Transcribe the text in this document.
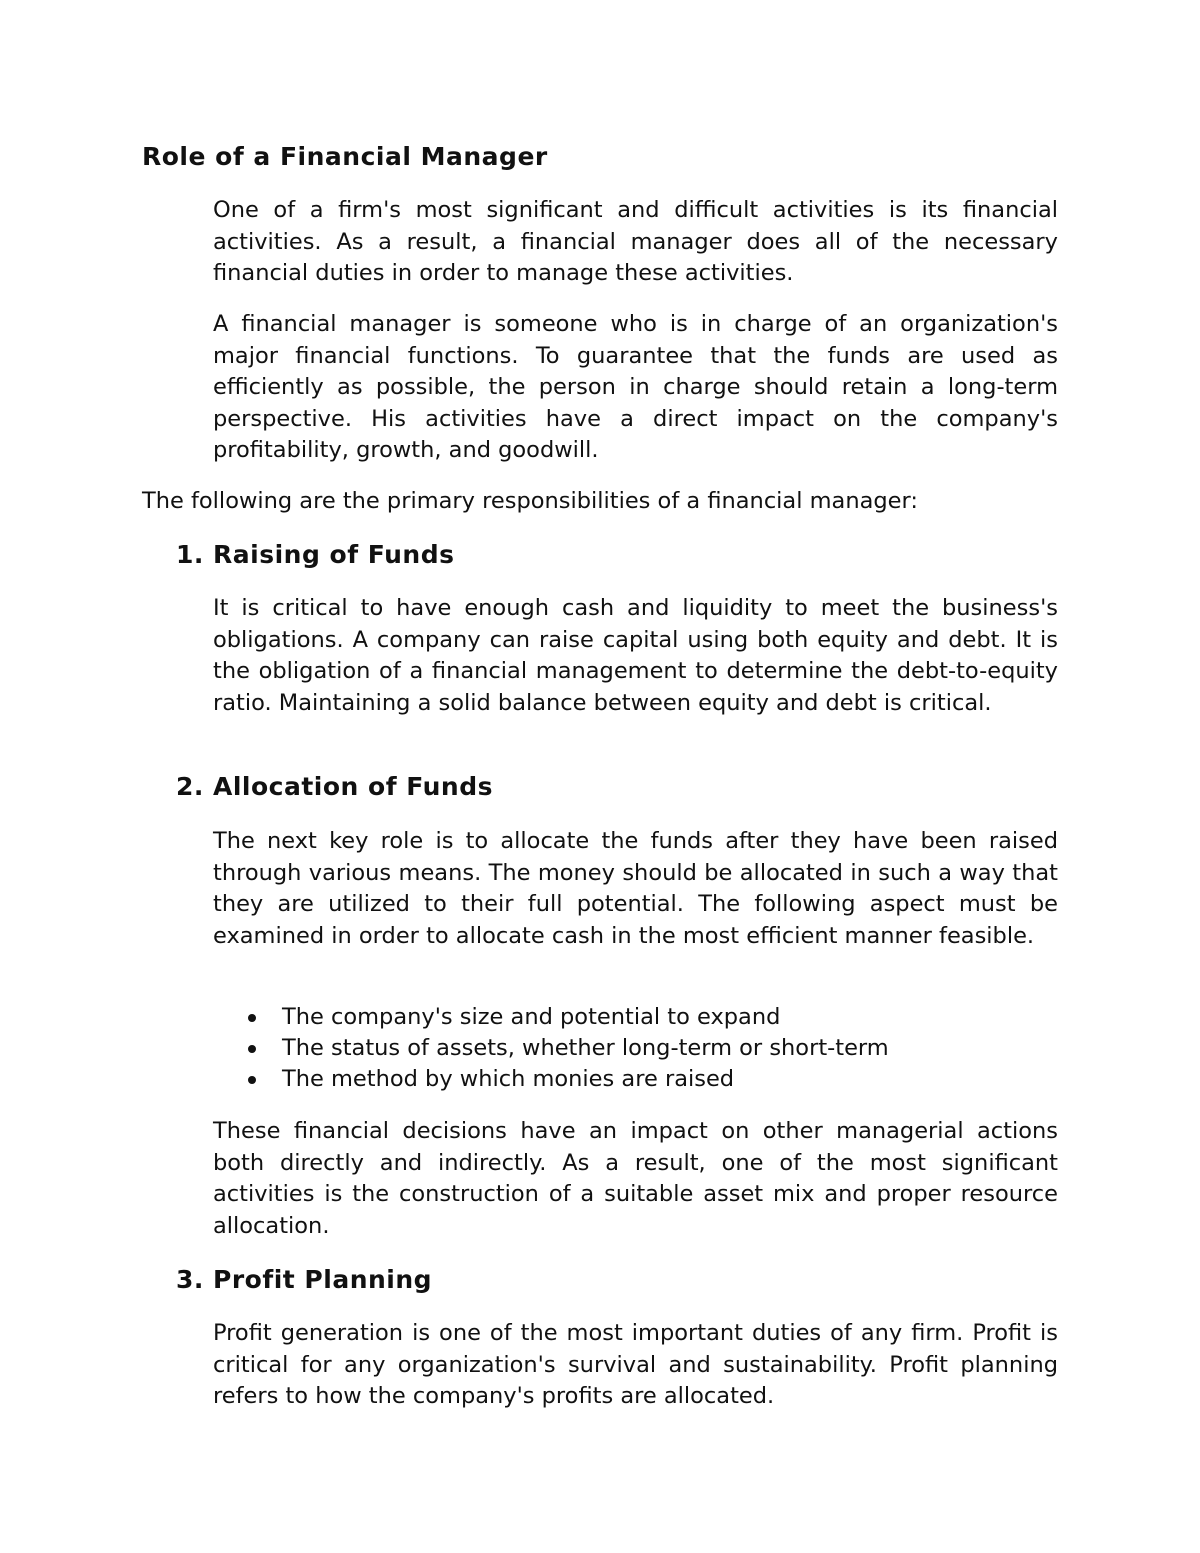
Role of a Financial Manager

One of a firm's most significant and difficult activities is its financial activities. As a result, a financial manager does all of the necessary financial duties in order to manage these activities.

A financial manager is someone who is in charge of an organization's major financial functions. To guarantee that the funds are used as efficiently as possible, the person in charge should retain a long-term perspective. His activities have a direct impact on the company's profitability, growth, and goodwill.

The following are the primary responsibilities of a financial manager:

1. Raising of Funds

It is critical to have enough cash and liquidity to meet the business's obligations. A company can raise capital using both equity and debt. It is the obligation of a financial management to determine the debt-to-equity ratio. Maintaining a solid balance between equity and debt is critical.

2. Allocation of Funds

The next key role is to allocate the funds after they have been raised through various means. The money should be allocated in such a way that they are utilized to their full potential. The following aspect must be examined in order to allocate cash in the most efficient manner feasible.

The company's size and potential to expand
The status of assets, whether long-term or short-term
The method by which monies are raised

These financial decisions have an impact on other managerial actions both directly and indirectly. As a result, one of the most significant activities is the construction of a suitable asset mix and proper resource allocation.

3. Profit Planning

Profit generation is one of the most important duties of any firm. Profit is critical for any organization's survival and sustainability. Profit planning refers to how the company's profits are allocated.
